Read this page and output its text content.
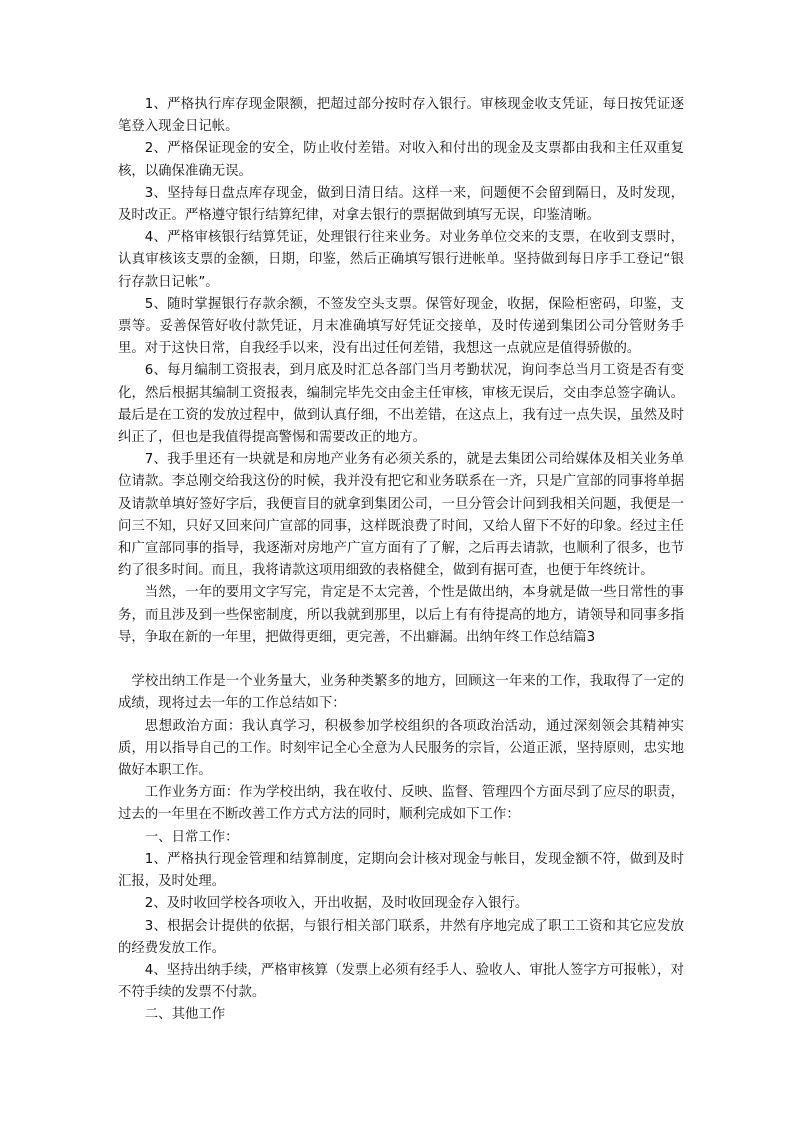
1、严格执行库存现金限额，把超过部分按时存入银行。审核现金收支凭证，每日按凭证逐笔登入现金日记帐。

2、严格保证现金的安全，防止收付差错。对收入和付出的现金及支票都由我和主任双重复核，以确保准确无误。

3、坚持每日盘点库存现金，做到日清日结。这样一来，问题便不会留到隔日，及时发现，及时改正。严格遵守银行结算纪律，对拿去银行的票据做到填写无误，印鉴清晰。

4、严格审核银行结算凭证，处理银行往来业务。对业务单位交来的支票，在收到支票时，认真审核该支票的金额，日期，印鉴，然后正确填写银行进帐单。坚持做到每日序手工登记“银行存款日记帐”。

5、随时掌握银行存款余额，不签发空头支票。保管好现金，收据，保险柜密码，印鉴，支票等。妥善保管好收付款凭证，月末准确填写好凭证交接单，及时传递到集团公司分管财务手里。对于这快日常，自我经手以来，没有出过任何差错，我想这一点就应是值得骄傲的。

6、每月编制工资报表，到月底及时汇总各部门当月考勤状况，询问李总当月工资是否有变化，然后根据其编制工资报表，编制完毕先交由金主任审核，审核无误后，交由李总签字确认。最后是在工资的发放过程中，做到认真仔细，不出差错，在这点上，我有过一点失误，虽然及时纠正了，但也是我值得提高警惕和需要改正的地方。

7、我手里还有一块就是和房地产业务有必须关系的，就是去集团公司给媒体及相关业务单位请款。李总刚交给我这份的时候，我并没有把它和业务联系在一齐，只是广宣部的同事将单据及请款单填好签好字后，我便盲目的就拿到集团公司，一旦分管会计问到我相关问题，我便是一问三不知，只好又回来问广宣部的同事，这样既浪费了时间，又给人留下不好的印象。经过主任和广宣部同事的指导，我逐渐对房地产广宣方面有了了解，之后再去请款，也顺利了很多，也节约了很多时间。而且，我将请款这项用细致的表格健全，做到有据可查，也便于年终统计。

当然，一年的要用文字写完，肯定是不太完善，个性是做出纳，本身就是做一些日常性的事务，而且涉及到一些保密制度，所以我就到那里，以后上有有待提高的地方，请领导和同事多指导，争取在新的一年里，把做得更细，更完善，不出癖漏。出纳年终工作总结篇3

学校出纳工作是一个业务量大，业务种类繁多的地方，回顾这一年来的工作，我取得了一定的成绩，现将过去一年的工作总结如下：

思想政治方面：我认真学习，积极参加学校组织的各项政治活动，通过深刻领会其精神实质，用以指导自己的工作。时刻牢记全心全意为人民服务的宗旨，公道正派，坚持原则，忠实地做好本职工作。

工作业务方面：作为学校出纳，我在收付、反映、监督、管理四个方面尽到了应尽的职责，过去的一年里在不断改善工作方式方法的同时，顺利完成如下工作：

一、日常工作：

1、严格执行现金管理和结算制度，定期向会计核对现金与帐目，发现金额不符，做到及时汇报，及时处理。

2、及时收回学校各项收入，开出收据，及时收回现金存入银行。

3、根据会计提供的依据，与银行相关部门联系，井然有序地完成了职工工资和其它应发放的经费发放工作。

4、坚持出纳手续，严格审核算（发票上必须有经手人、验收人、审批人签字方可报帐），对不符手续的发票不付款。

二、其他工作
